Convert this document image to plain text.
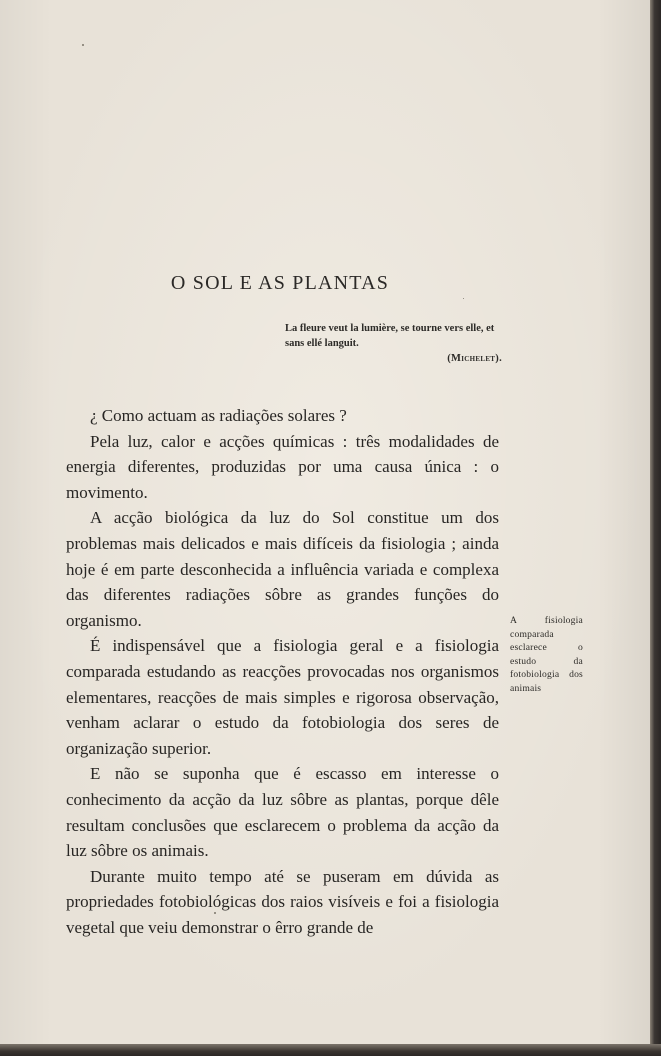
O SOL E AS PLANTAS
La fleure veut la lumière, se tourne vers elle, et sans ellé languit.
(Michelet).

¿ Como actuam as radiações solares ?

Pela luz, calor e acções químicas : três modalidades de energia diferentes, produzidas por uma causa única : o movimento.

A acção biológica da luz do Sol constitue um dos problemas mais delicados e mais difíceis da fisiologia ; ainda hoje é em parte desconhecida a influência variada e complexa das diferentes radiações sôbre as grandes funções do organismo.

É indispensável que a fisiologia geral e a fisiologia comparada estudando as reacções provocadas nos organismos elementares, reacções de mais simples e rigorosa observação, venham aclarar o estudo da fotobiologia dos seres de organização superior.

E não se suponha que é escasso em interesse o conhecimento da acção da luz sôbre as plantas, porque dêle resultam conclusões que esclarecem o problema da acção da luz sôbre os animais.

Durante muito tempo até se puseram em dúvida as propriedades fotobiológicas dos raios visíveis e foi a fisiologia vegetal que veiu demonstrar o êrro grande de

A fisiologia comparada esclarece o estudo da fotobiologia dos animais
